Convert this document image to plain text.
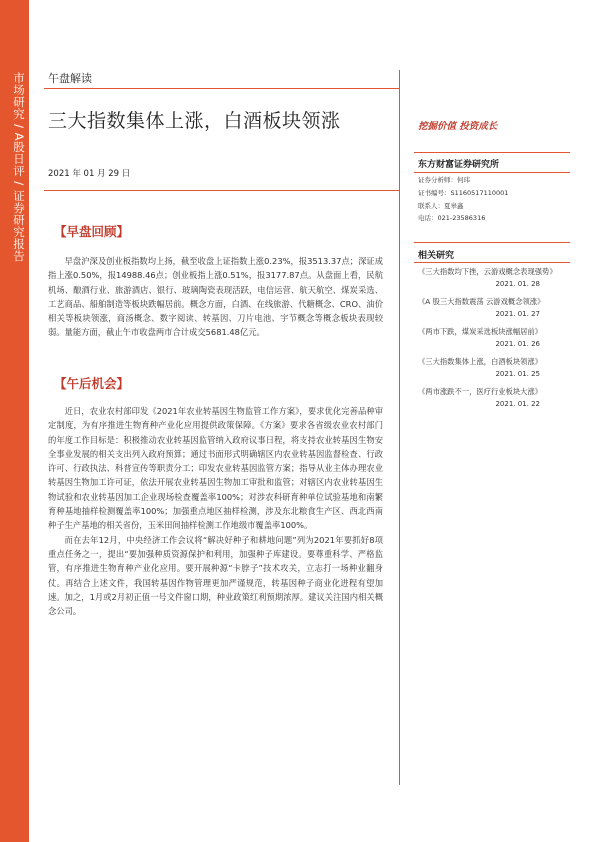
市场研究 / A股日评 / 证券研究报告 午盘解读
三大指数集体上涨，白酒板块领涨	挖掘价值 投资成长
2021 年 01 月 29 日
【早盘回顾】

早盘沪深及创业板指数均上扬，截至收盘上证指数上涨0.23%，报3513.37点；深证成指上涨0.50%，报14988.46点；创业板指上涨0.51%，报3177.87点。从盘面上看，民航机场、酿酒行业、旅游酒店、银行、玻璃陶瓷表现活跃，电信运营、航天航空、煤炭采选、工艺商品、船舶制造等板块跌幅居前。概念方面，白酒、在线旅游、代糖概念、CRO、油价相关等板块领涨，商汤概念、数字阅读、转基因、刀片电池、宇节概念等概念板块表现较弱。量能方面，截止午市收盘两市合计成交5681.48亿元。

【午后机会】

近日，农业农村部印发《2021年农业转基因生物监管工作方案》，要求优化完善品种审定制度，为有序推进生物育种产业化应用提供政策保障。《方案》要求各省级农业农村部门的年度工作目标是：积极推动农业转基因监管纳入政府议事日程，将支持农业转基因生物安全事业发展的相关支出列入政府预算；通过书面形式明确辖区内农业转基因监督检查、行政许可、行政执法、科普宣传等职责分工；印发农业转基因监管方案；指导从业主体办理农业转基因生物加工许可证，依法开展农业转基因生物加工审批和监管；对辖区内农业转基因生物试验和农业转基因加工企业现场检查覆盖率100%；对涉农科研育种单位试验基地和南繁育种基地抽样检测覆盖率100%；加强重点地区抽样检测，涉及东北粮食生产区、西北西南种子生产基地的相关省份，玉米田间抽样检测工作地级市覆盖率100%。

而在去年12月，中央经济工作会议将“解决好种子和耕地问题”列为2021年要抓好8项重点任务之一，提出“要加强种质资源保护和利用，加强种子库建设。要尊重科学、严格监管，有序推进生物育种产业化应用。要开展种源“卡脖子”技术攻关，立志打一场种业翻身仗。再结合上述文件，我国转基因作物管理更加严谨规范，转基因种子商业化进程有望加速。加之，1月或2月初正值一号文件窗口期，种业政策红利预期浓厚。建议关注国内相关概念公司。

东方财富证券研究所
证券分析师：何玮
证书编号：S1160517110001
联系人：夏皋鑫
电话：021-23586316
相关研究
《三大指数均下挫，云游戏概念表现强势》
2021. 01. 28
《A 股三大指数震荡 云游戏概念领涨》
2021. 01. 27
《两市下跌，煤炭采选板块涨幅居前》
2021. 01. 26
《三大指数集体上涨，白酒板块领涨》
2021. 01. 25
《两市涨跌不一，医疗行业板块大涨》
2021. 01. 22
